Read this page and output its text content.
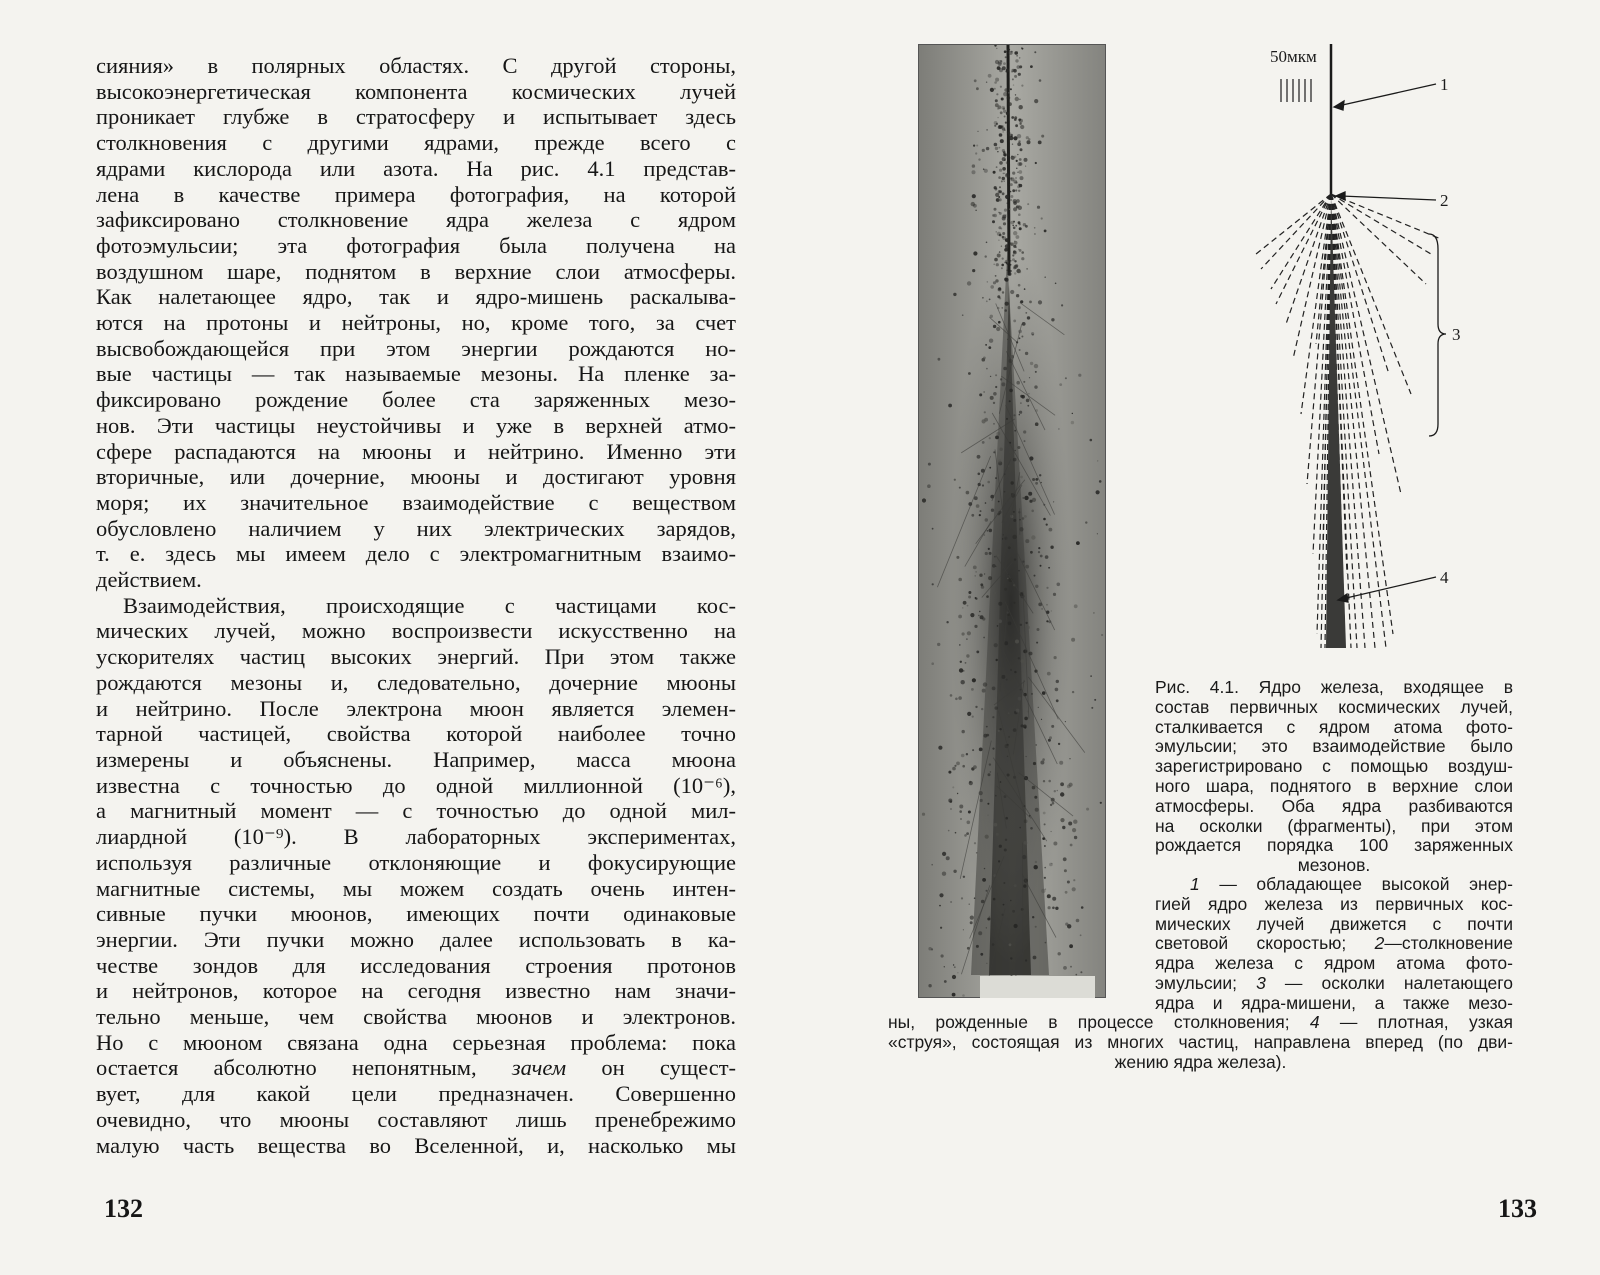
сияния» в полярных областях. С другой стороны,
высокоэнергетическая компонента космических лучей
проникает глубже в стратосферу и испытывает здесь
столкновения с другими ядрами, прежде всего с
ядрами кислорода или азота. На рис. 4.1 представ-
лена в качестве примера фотография, на которой
зафиксировано столкновение ядра железа с ядром
фотоэмульсии; эта фотография была получена на
воздушном шаре, поднятом в верхние слои атмосферы.
Как налетающее ядро, так и ядро-мишень раскалыва-
ются на протоны и нейтроны, но, кроме того, за счет
высвобождающейся при этом энергии рождаются но-
вые частицы — так называемые мезоны. На пленке за-
фиксировано рождение более ста заряженных мезо-
нов. Эти частицы неустойчивы и уже в верхней атмо-
сфере распадаются на мюоны и нейтрино. Именно эти
вторичные, или дочерние, мюоны и достигают уровня
моря; их значительное взаимодействие с веществом
обусловлено наличием у них электрических зарядов,
т. е. здесь мы имеем дело с электромагнитным взаимо-
действием.

Взаимодействия, происходящие с частицами кос-
мических лучей, можно воспроизвести искусственно на
ускорителях частиц высоких энергий. При этом также
рождаются мезоны и, следовательно, дочерние мюоны
и нейтрино. После электрона мюон является элемен-
тарной частицей, свойства которой наиболее точно
измерены и объяснены. Например, масса мюона
известна с точностью до одной миллионной (10⁻⁶),
а магнитный момент — с точностью до одной мил-
лиардной (10⁻⁹). В лабораторных экспериментах,
используя различные отклоняющие и фокусирующие
магнитные системы, мы можем создать очень интен-
сивные пучки мюонов, имеющих почти одинаковые
энергии. Эти пучки можно далее использовать в ка-
честве зондов для исследования строения протонов
и нейтронов, которое на сегодня известно нам значи-
тельно меньше, чем свойства мюонов и электронов.
Но с мюоном связана одна серьезная проблема: пока
остается абсолютно непонятным, зачем он сущест-
вует, для какой цели предназначен. Совершенно
очевидно, что мюоны составляют лишь пренебрежимо
малую часть вещества во Вселенной, и, насколько мы

132
50мкм
1
2
3
4
Рис. 4.1. Ядро железа, входящее в
состав первичных космических лучей,
сталкивается с ядром атома фото-
эмульсии; это взаимодействие было
зарегистрировано с помощью воздуш-
ного шара, поднятого в верхние слои
атмосферы. Оба ядра разбиваются
на осколки (фрагменты), при этом
рождается порядка 100 заряженных
мезонов.
1 — обладающее высокой энер-
гией ядро железа из первичных кос-
мических лучей движется с почти
световой скоростью; 2—столкновение
ядра железа с ядром атома фото-
эмульсии; 3 — осколки налетающего
ядра и ядра-мишени, а также мезо-
ны, рожденные в процессе столкновения; 4 — плотная, узкая
«струя», состоящая из многих частиц, направлена вперед (по дви-
жению ядра железа).
133
